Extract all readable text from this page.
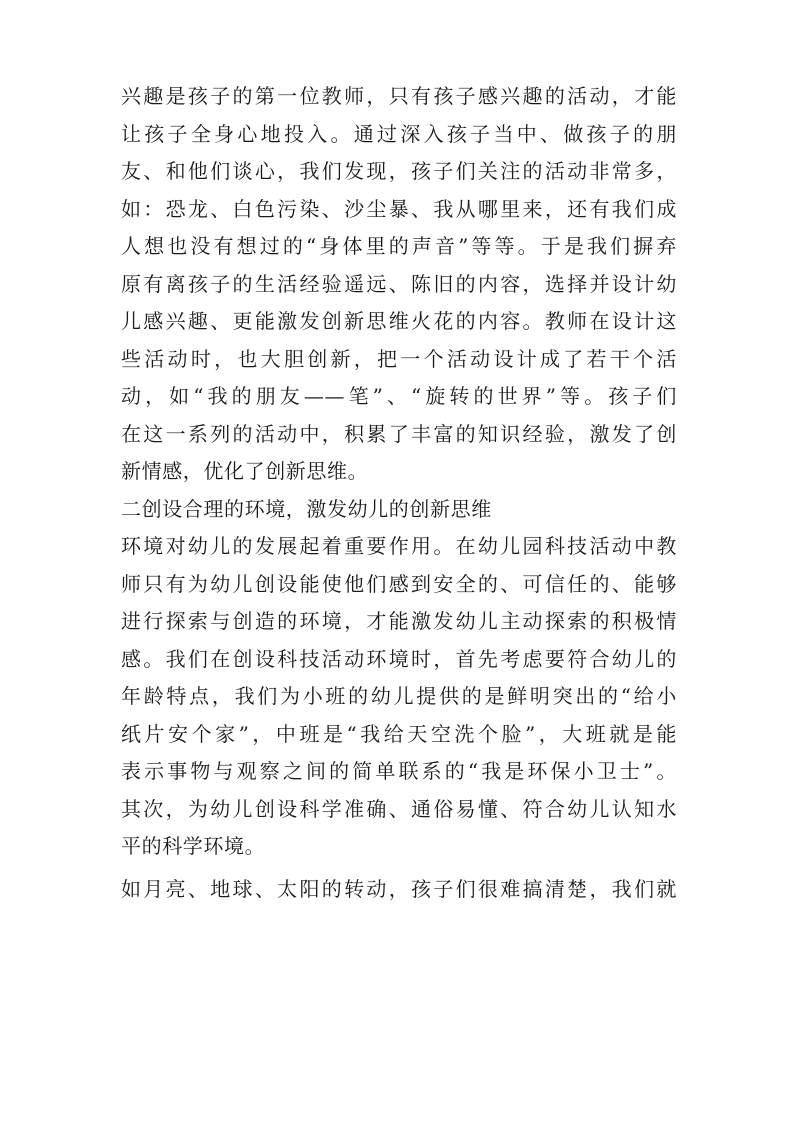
兴趣是孩子的第一位教师，只有孩子感兴趣的活动，才能
让孩子全身心地投入。通过深入孩子当中、做孩子的朋
友、和他们谈心，我们发现，孩子们关注的活动非常多，
如：恐龙、白色污染、沙尘暴、我从哪里来，还有我们成
人想也没有想过的“身体里的声音”等等。于是我们摒弃
原有离孩子的生活经验遥远、陈旧的内容，选择并设计幼
儿感兴趣、更能激发创新思维火花的内容。教师在设计这
些活动时，也大胆创新，把一个活动设计成了若干个活
动，如“我的朋友——笔”、“旋转的世界”等。孩子们
在这一系列的活动中，积累了丰富的知识经验，激发了创
新情感，优化了创新思维。
二创设合理的环境，激发幼儿的创新思维
环境对幼儿的发展起着重要作用。在幼儿园科技活动中教
师只有为幼儿创设能使他们感到安全的、可信任的、能够
进行探索与创造的环境，才能激发幼儿主动探索的积极情
感。我们在创设科技活动环境时，首先考虑要符合幼儿的
年龄特点，我们为小班的幼儿提供的是鲜明突出的“给小
纸片安个家”，中班是“我给天空洗个脸”，大班就是能
表示事物与观察之间的简单联系的“我是环保小卫士”。
其次，为幼儿创设科学准确、通俗易懂、符合幼儿认知水
平的科学环境。
如月亮、地球、太阳的转动，孩子们很难搞清楚，我们就
